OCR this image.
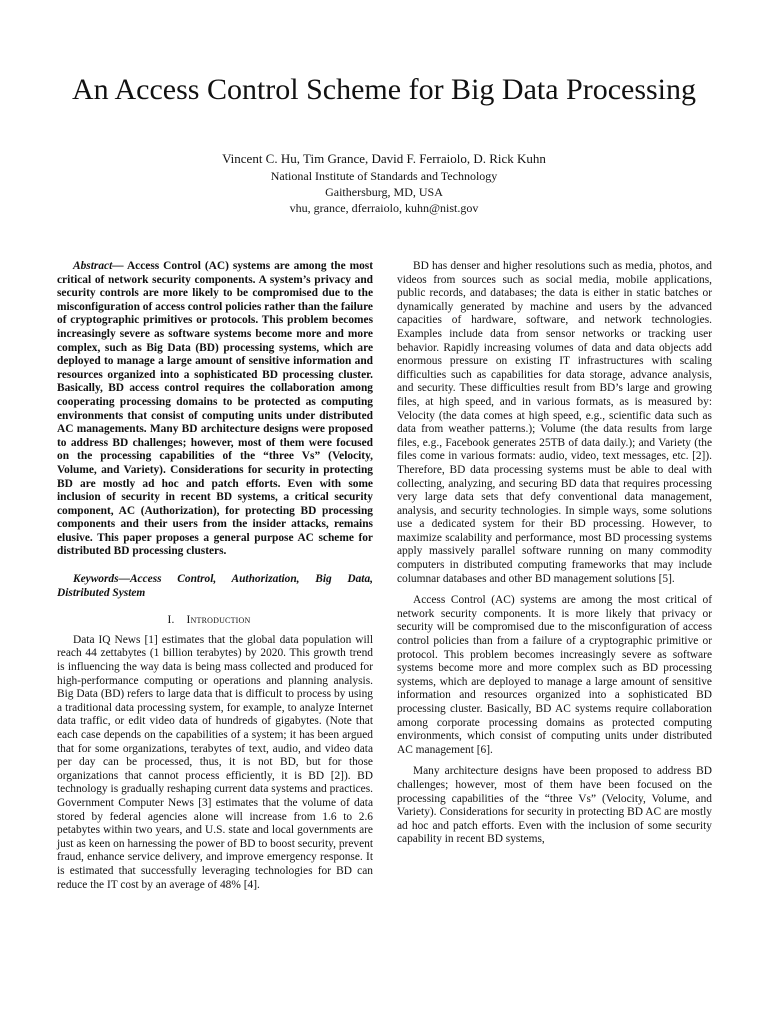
An Access Control Scheme for Big Data Processing
Vincent C. Hu, Tim Grance, David F. Ferraiolo, D. Rick Kuhn
National Institute of Standards and Technology
Gaithersburg, MD, USA
vhu, grance, dferraiolo, kuhn@nist.gov

Abstract— Access Control (AC) systems are among the most critical of network security components. A system’s privacy and security controls are more likely to be compromised due to the misconfiguration of access control policies rather than the failure of cryptographic primitives or protocols. This problem becomes increasingly severe as software systems become more and more complex, such as Big Data (BD) processing systems, which are deployed to manage a large amount of sensitive information and resources organized into a sophisticated BD processing cluster. Basically, BD access control requires the collaboration among cooperating processing domains to be protected as computing environments that consist of computing units under distributed AC managements. Many BD architecture designs were proposed to address BD challenges; however, most of them were focused on the processing capabilities of the “three Vs” (Velocity, Volume, and Variety). Considerations for security in protecting BD are mostly ad hoc and patch efforts. Even with some inclusion of security in recent BD systems, a critical security component, AC (Authorization), for protecting BD processing components and their users from the insider attacks, remains elusive. This paper proposes a general purpose AC scheme for distributed BD processing clusters.

Keywords—Access Control, Authorization, Big Data, Distributed System

I. Introduction

Data IQ News [1] estimates that the global data population will reach 44 zettabytes (1 billion terabytes) by 2020. This growth trend is influencing the way data is being mass collected and produced for high-performance computing or operations and planning analysis. Big Data (BD) refers to large data that is difficult to process by using a traditional data processing system, for example, to analyze Internet data traffic, or edit video data of hundreds of gigabytes. (Note that each case depends on the capabilities of a system; it has been argued that for some organizations, terabytes of text, audio, and video data per day can be processed, thus, it is not BD, but for those organizations that cannot process efficiently, it is BD [2]). BD technology is gradually reshaping current data systems and practices. Government Computer News [3] estimates that the volume of data stored by federal agencies alone will increase from 1.6 to 2.6 petabytes within two years, and U.S. state and local governments are just as keen on harnessing the power of BD to boost security, prevent fraud, enhance service delivery, and improve emergency response. It is estimated that successfully leveraging technologies for BD can reduce the IT cost by an average of 48% [4].

BD has denser and higher resolutions such as media, photos, and videos from sources such as social media, mobile applications, public records, and databases; the data is either in static batches or dynamically generated by machine and users by the advanced capacities of hardware, software, and network technologies. Examples include data from sensor networks or tracking user behavior. Rapidly increasing volumes of data and data objects add enormous pressure on existing IT infrastructures with scaling difficulties such as capabilities for data storage, advance analysis, and security. These difficulties result from BD’s large and growing files, at high speed, and in various formats, as is measured by: Velocity (the data comes at high speed, e.g., scientific data such as data from weather patterns.); Volume (the data results from large files, e.g., Facebook generates 25TB of data daily.); and Variety (the files come in various formats: audio, video, text messages, etc. [2]). Therefore, BD data processing systems must be able to deal with collecting, analyzing, and securing BD data that requires processing very large data sets that defy conventional data management, analysis, and security technologies. In simple ways, some solutions use a dedicated system for their BD processing. However, to maximize scalability and performance, most BD processing systems apply massively parallel software running on many commodity computers in distributed computing frameworks that may include columnar databases and other BD management solutions [5].

Access Control (AC) systems are among the most critical of network security components. It is more likely that privacy or security will be compromised due to the misconfiguration of access control policies than from a failure of a cryptographic primitive or protocol. This problem becomes increasingly severe as software systems become more and more complex such as BD processing systems, which are deployed to manage a large amount of sensitive information and resources organized into a sophisticated BD processing cluster. Basically, BD AC systems require collaboration among corporate processing domains as protected computing environments, which consist of computing units under distributed AC management [6].

Many architecture designs have been proposed to address BD challenges; however, most of them have been focused on the processing capabilities of the “three Vs” (Velocity, Volume, and Variety). Considerations for security in protecting BD AC are mostly ad hoc and patch efforts. Even with the inclusion of some security capability in recent BD systems,
